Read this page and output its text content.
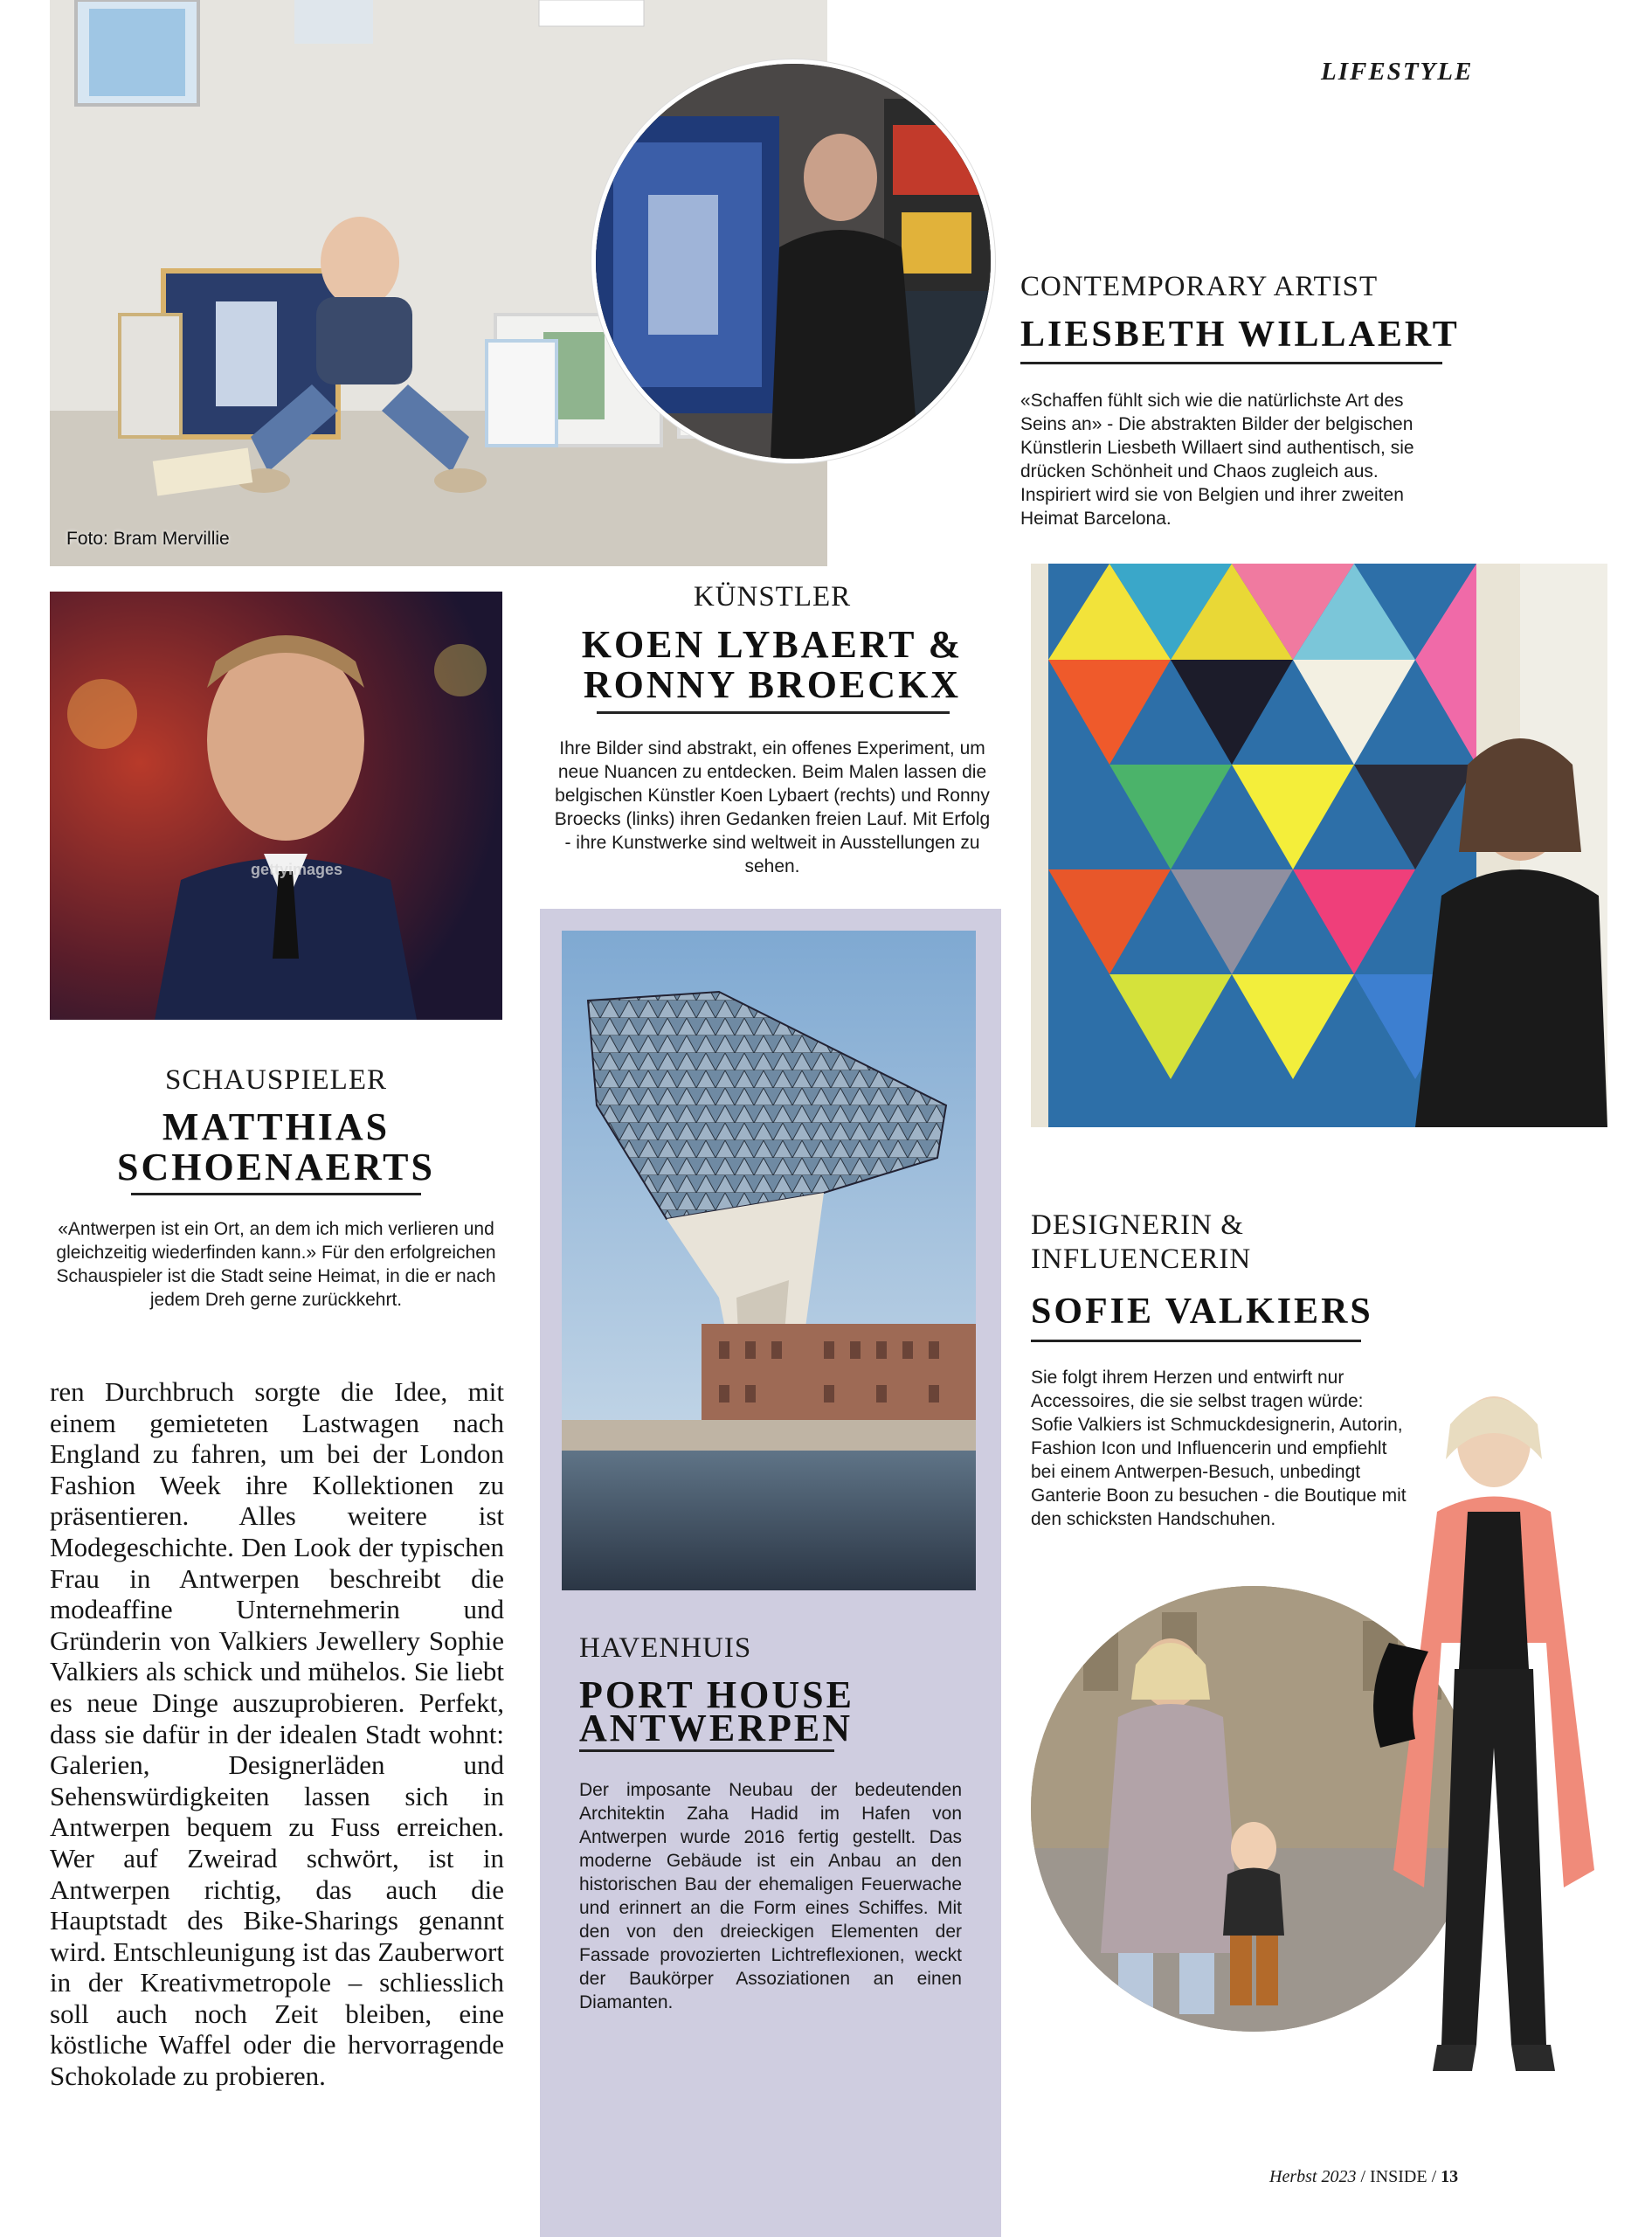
LIFESTYLE
Foto: Bram Mervillie
CONTEMPORARY ARTIST
LIESBETH WILLAERT
«Schaffen fühlt sich wie die natürlichste Art des Seins an» - Die abstrakten Bilder der belgischen Künstlerin Liesbeth Willaert sind authentisch, sie drücken Schönheit und Chaos zugleich aus. Inspiriert wird sie von Belgien und ihrer zweiten Heimat Barcelona.
gettyimages
KÜNSTLER
KOEN LYBAERT &
RONNY BROECKX
Ihre Bilder sind abstrakt, ein offenes Experiment, um neue Nuancen zu entdecken. Beim Malen lassen die belgischen Künstler Koen Lybaert (rechts) und Ronny Broecks (links) ihren Gedanken freien Lauf. Mit Erfolg - ihre Kunstwerke sind weltweit in Ausstellungen zu sehen.
SCHAUSPIELER
MATTHIAS
SCHOENAERTS
«Antwerpen ist ein Ort, an dem ich mich verlieren und gleichzeitig wiederfinden kann.» Für den erfolgreichen Schauspieler ist die Stadt seine Heimat, in die er nach jedem Dreh gerne zurückkehrt.
ren Durchbruch sorgte die Idee, mit einem gemieteten Lastwagen nach England zu fahren, um bei der London Fashion Week ihre Kollektionen zu präsentieren. Alles weitere ist Modegeschichte. Den Look der typischen Frau in Antwerpen beschreibt die modeaffine Unternehmerin und Gründerin von Valkiers Jewellery Sophie Valkiers als schick und mühelos. Sie liebt es neue Dinge auszuprobieren. Perfekt, dass sie dafür in der idealen Stadt wohnt: Galerien, Designerläden und Sehenswürdigkeiten lassen sich in Antwerpen bequem zu Fuss erreichen. Wer auf Zweirad schwört, ist in Antwerpen richtig, das auch die Hauptstadt des Bike-Sharings genannt wird. Entschleunigung ist das Zauberwort in der Kreativmetropole – schliesslich soll auch noch Zeit bleiben, eine köstliche Waffel oder die hervorragende Schokolade zu probieren.
HAVENHUIS
PORT HOUSE
ANTWERPEN
Der imposante Neubau der bedeutenden Architektin Zaha Hadid im Hafen von Antwerpen wurde 2016 fertig gestellt. Das moderne Gebäude ist ein Anbau an den historischen Bau der ehemaligen Feuerwache und erinnert an die Form eines Schiffes. Mit den von den dreieckigen Elementen der Fassade provozierten Lichtreflexionen, weckt der Baukörper Assoziationen an einen Diamanten.
DESIGNERIN &
INFLUENCERIN
SOFIE VALKIERS
Sie folgt ihrem Herzen und entwirft nur Accessoires, die sie selbst tragen würde: Sofie Valkiers ist Schmuckdesignerin, Autorin, Fashion Icon und Influencerin und empfiehlt bei einem Antwerpen-Besuch, unbedingt Ganterie Boon zu besuchen - die Boutique mit den schicksten Handschuhen.
Herbst 2023 / INSIDE / 13
